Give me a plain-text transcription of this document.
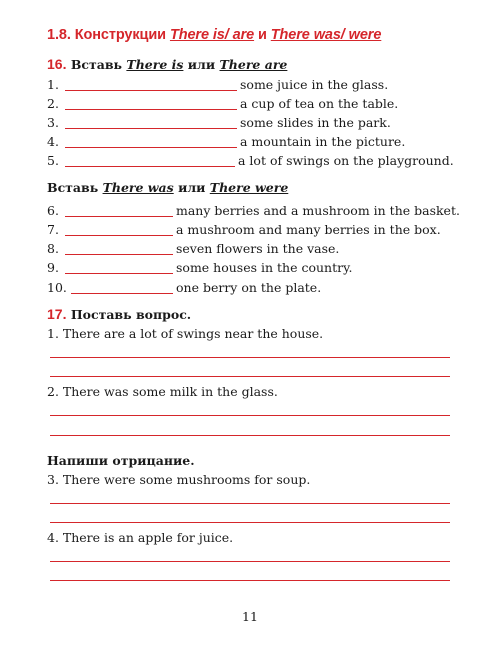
1.8. Конструкции There is/ are и There was/ were
16. Вставь There is или There are
1.	some juice in the glass.
2.	a cup of tea on the table.
3.	some slides in the park.
4.	a mountain in the picture.
5.	a lot of swings on the playground.
Вставь There was или There were
6.	many berries and a mushroom in the basket.
7.	a mushroom and many berries in the box.
8.	seven flowers in the vase.
9.	some houses in the country.
10.	one berry on the plate.
17. Поставь вопрос.
1. There are a lot of swings near the house.
2. There was some milk in the glass.
Напиши отрицание.
3. There were some mushrooms for soup.
4. There is an apple for juice.
11
